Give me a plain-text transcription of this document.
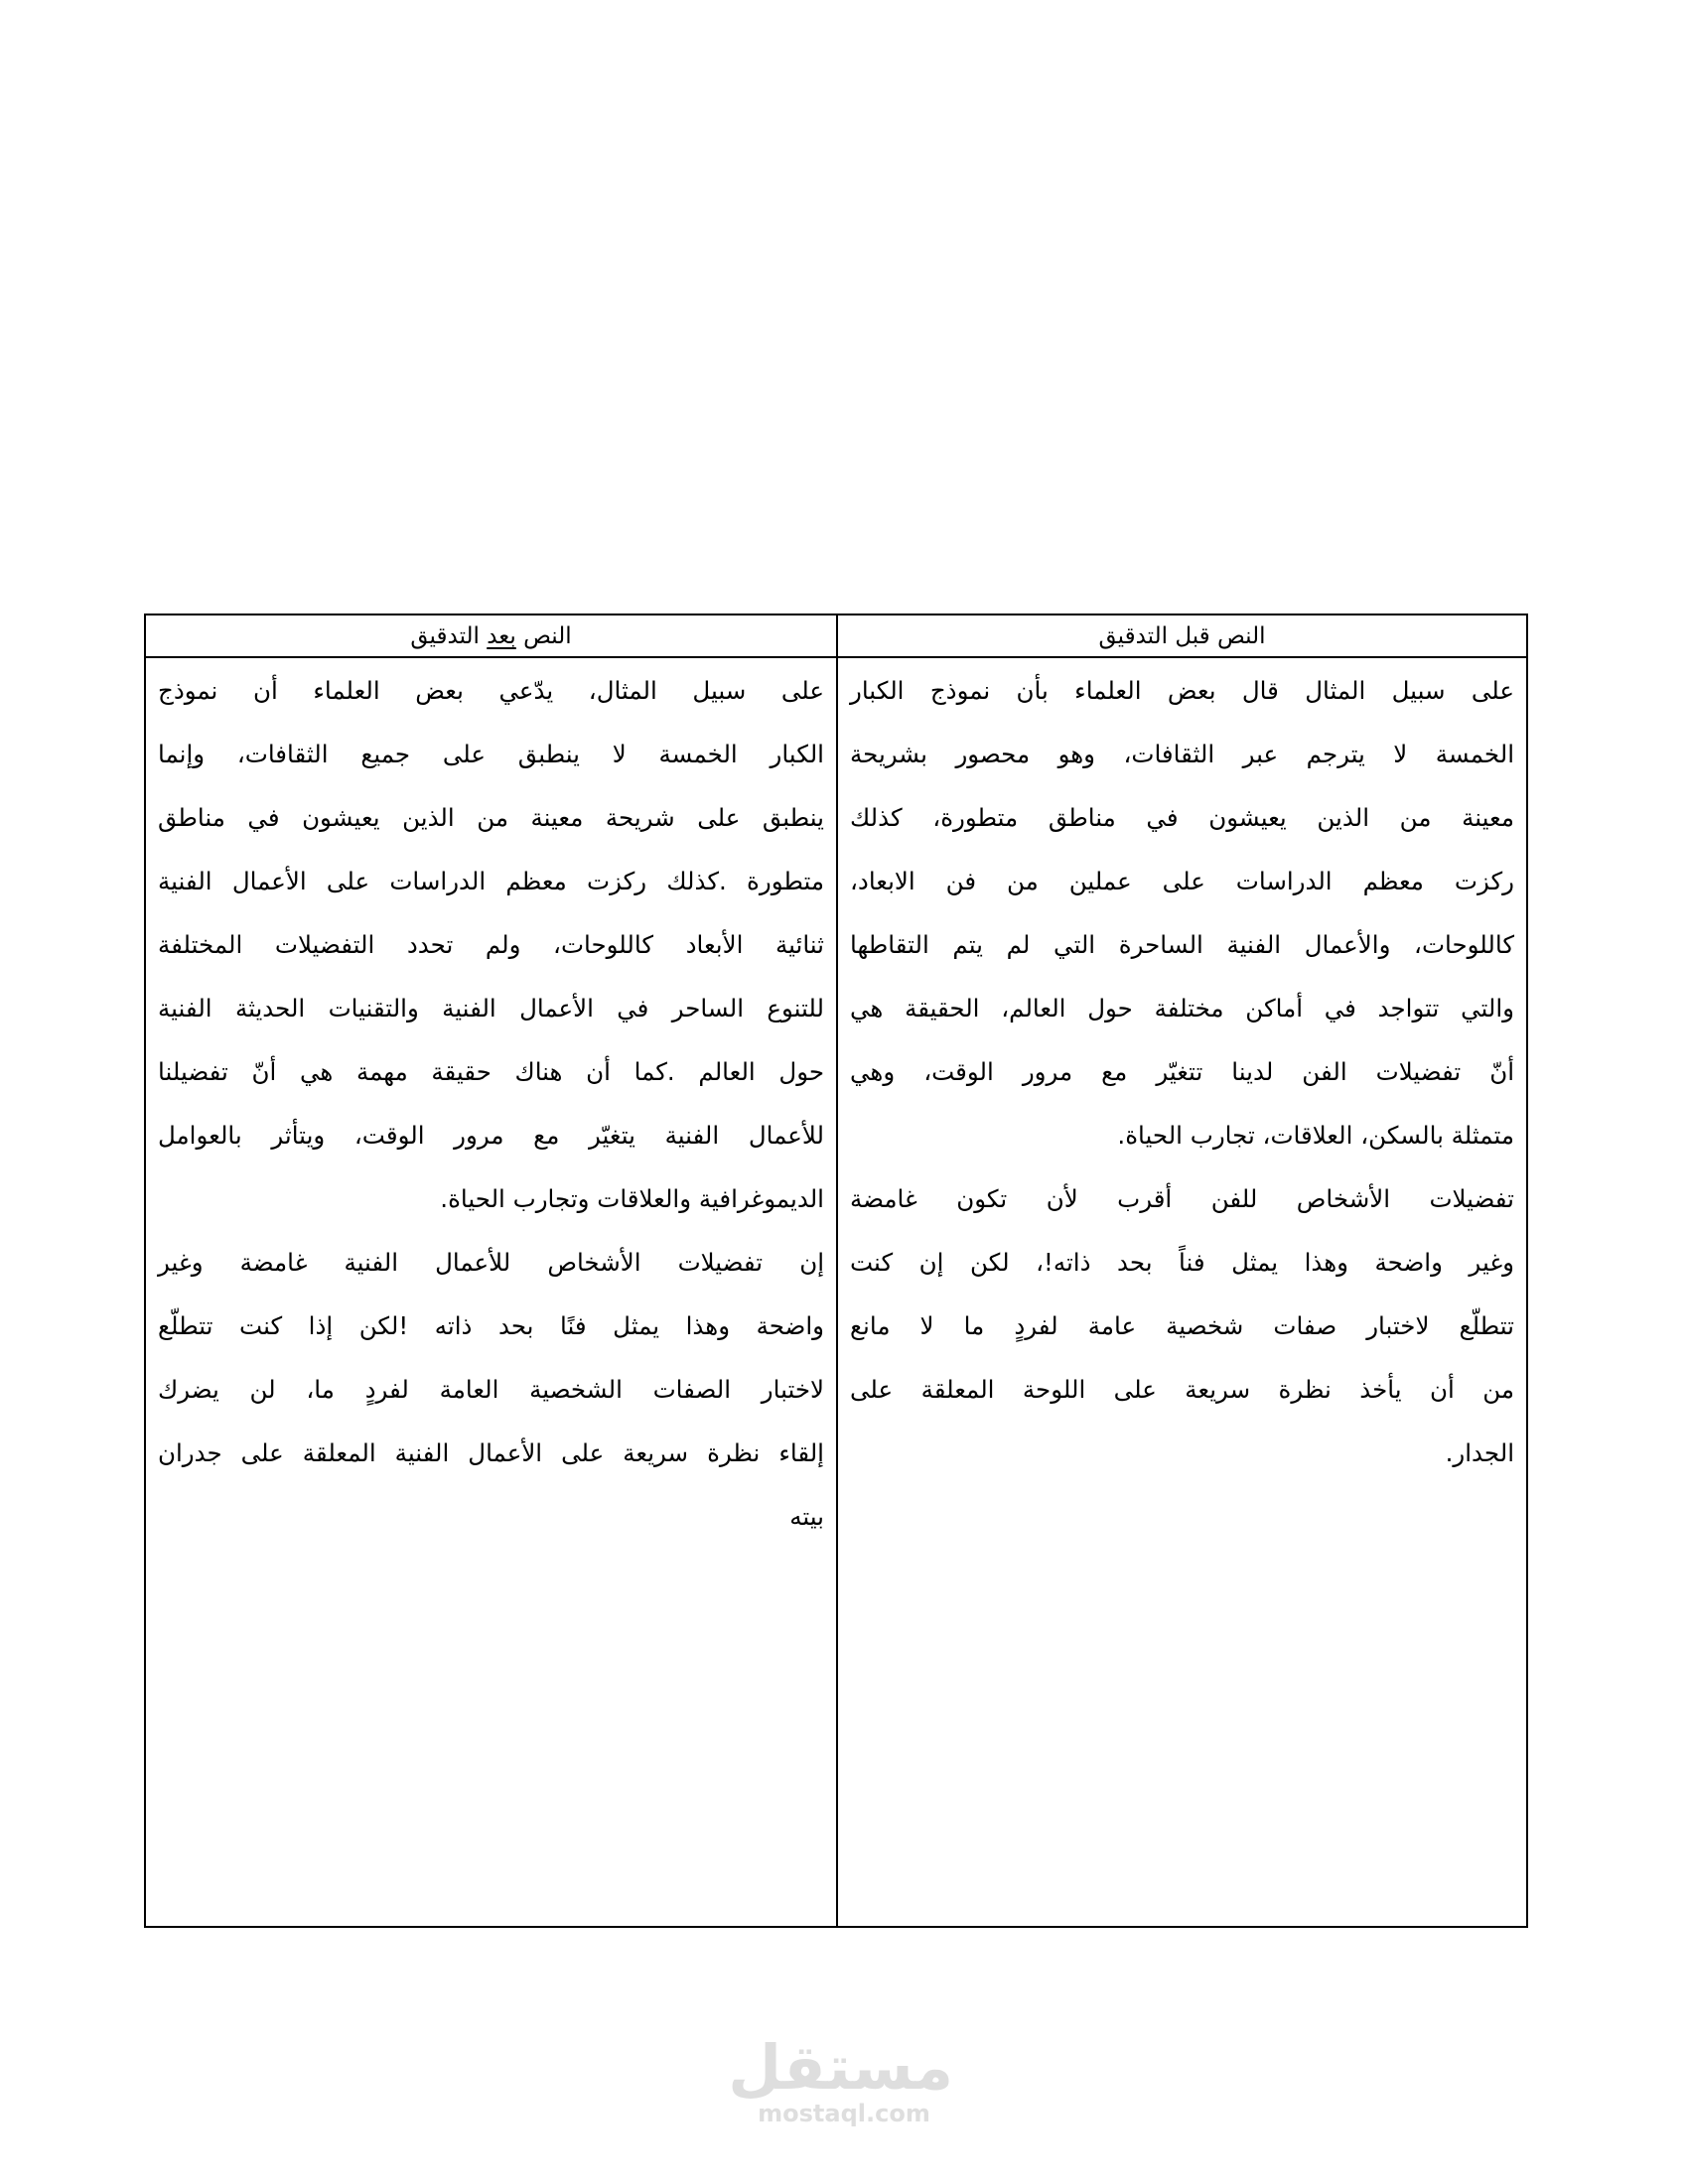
النص قبل التدقيق
على سبيل المثال قال بعض العلماء بأن نموذج الكبار
الخمسة لا يترجم عبر الثقافات، وهو محصور بشريحة
معينة من الذين يعيشون في مناطق متطورة، كذلك
ركزت معظم الدراسات على عملين من فن الابعاد،
كاللوحات، والأعمال الفنية الساحرة التي لم يتم التقاطها
والتي تتواجد في أماكن مختلفة حول العالم، الحقيقة هي
أنّ تفضيلات الفن لدينا تتغيّر مع مرور الوقت، وهي
متمثلة بالسكن، العلاقات، تجارب الحياة.
تفضيلات الأشخاص للفن أقرب لأن تكون غامضة
وغير واضحة وهذا يمثل فناً بحد ذاته!، لكن إن كنت
تتطلّع لاختبار صفات شخصية عامة لفردٍ ما لا مانع
من أن يأخذ نظرة سريعة على اللوحة المعلقة على
الجدار.
النص بعد التدقيق
على سبيل المثال، يدّعي بعض العلماء أن نموذج
الكبار الخمسة لا ينطبق على جميع الثقافات، وإنما
ينطبق على شريحة معينة من الذين يعيشون في مناطق
متطورة .كذلك ركزت معظم الدراسات على الأعمال الفنية
ثنائية الأبعاد كاللوحات، ولم تحدد التفضيلات المختلفة
للتنوع الساحر في الأعمال الفنية والتقنيات الحديثة الفنية
حول العالم .كما أن هناك حقيقة مهمة هي أنّ تفضيلنا
للأعمال الفنية يتغيّر مع مرور الوقت، ويتأثر بالعوامل
الديموغرافية والعلاقات وتجارب الحياة.
إن تفضيلات الأشخاص للأعمال الفنية غامضة وغير
واضحة وهذا يمثل فنًا بحد ذاته !لكن إذا كنت تتطلّع
لاختبار الصفات الشخصية العامة لفردٍ ما، لن يضرك
إلقاء نظرة سريعة على الأعمال الفنية المعلقة على جدران
بيته
مستقل
mostaql.com
